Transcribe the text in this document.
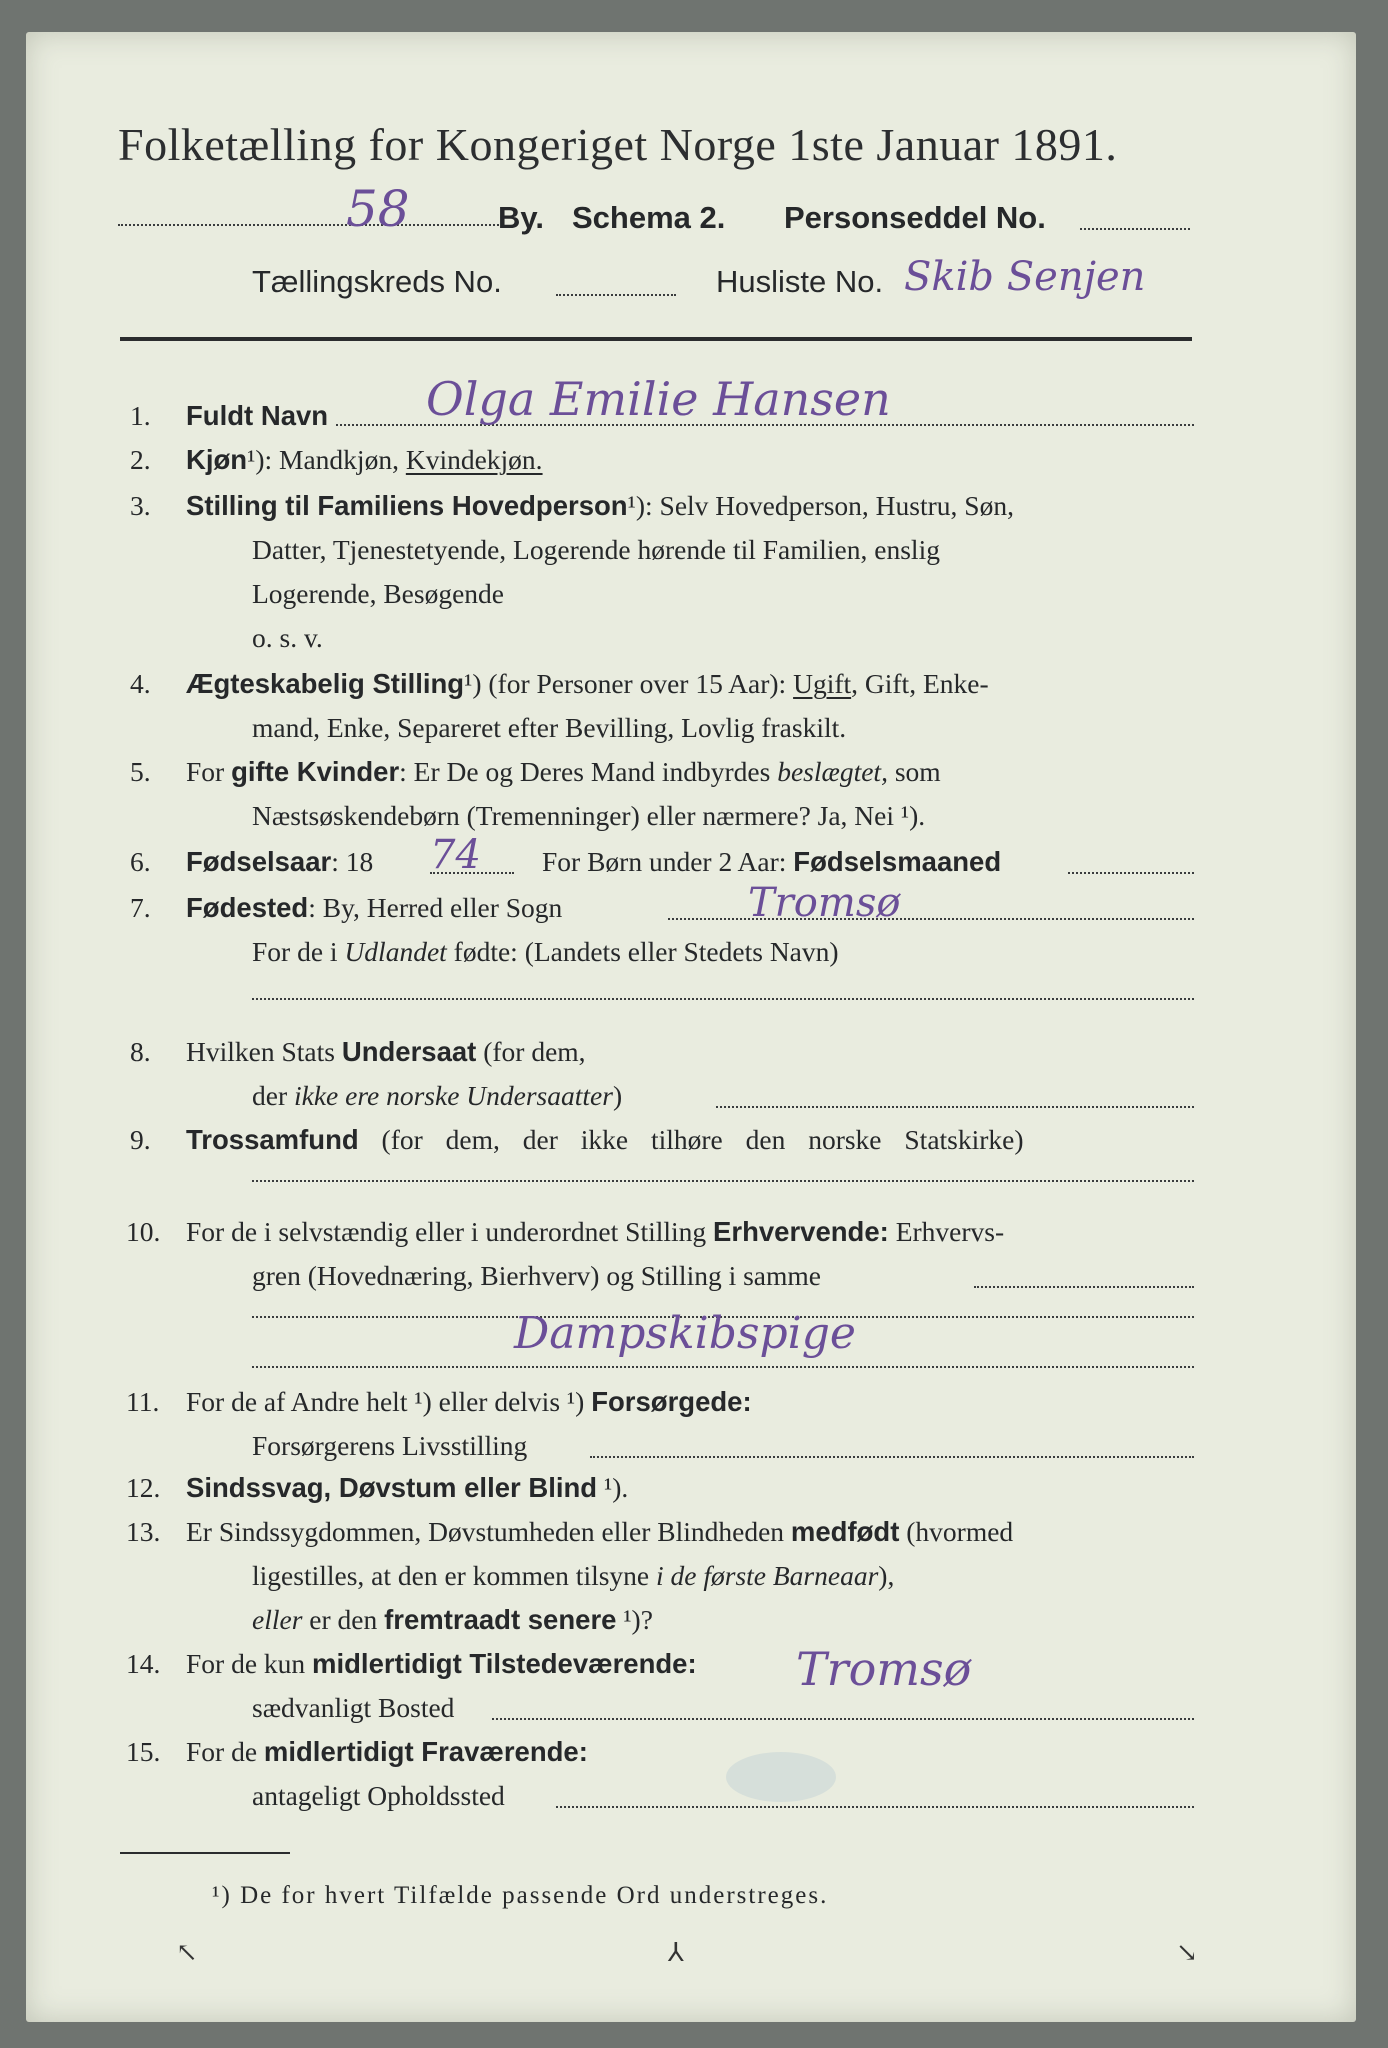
Folketælling for Kongeriget Norge 1ste Januar 1891.
58	By. Schema 2. Personseddel No.
Tællingskreds No.	Husliste No. Skib Senjen
1. Fuldt Navn Olga Emilie Hansen
2. Kjøn¹): Mandkjøn, Kvindekjøn.
3. Stilling til Familiens Hovedperson¹): Selv Hovedperson, Hustru, Søn,
Datter, Tjenestetyende, Logerende hørende til Familien, enslig
Logerende, Besøgende
o. s. v.
4. Ægteskabelig Stilling¹) (for Personer over 15 Aar): Ugift, Gift, Enke-
mand, Enke, Separeret efter Bevilling, Lovlig fraskilt.
5. For gifte Kvinder: Er De og Deres Mand indbyrdes beslægtet, som
Næstsøskendebørn (Tremenninger) eller nærmere? Ja, Nei ¹).
6. Fødselsaar: 18 74 For Børn under 2 Aar: Fødselsmaaned
7. Fødested: By, Herred eller Sogn	Tromsø
For de i Udlandet fødte: (Landets eller Stedets Navn)
8. Hvilken Stats Undersaat (for dem,
der ikke ere norske Undersaatter)
9. Trossamfund (for dem, der ikke tilhøre den norske Statskirke)
10. For de i selvstændig eller i underordnet Stilling Erhvervende: Erhvervs-
gren (Hovednæring, Bierhverv) og Stilling i samme
Dampskibspige
11. For de af Andre helt ¹) eller delvis ¹) Forsørgede:
Forsørgerens Livsstilling
12. Sindssvag, Døvstum eller Blind ¹).
13. Er Sindssygdommen, Døvstumheden eller Blindheden medfødt (hvormed
ligestilles, at den er kommen tilsyne i de første Barneaar),
eller er den fremtraadt senere ¹)?
14. For de kun midlertidigt Tilstedeværende:
sædvanligt Bosted
Tromsø
15. For de midlertidigt Fraværende:
antageligt Opholdssted
¹) De for hvert Tilfælde passende Ord understreges.
↖	⅄	↘
